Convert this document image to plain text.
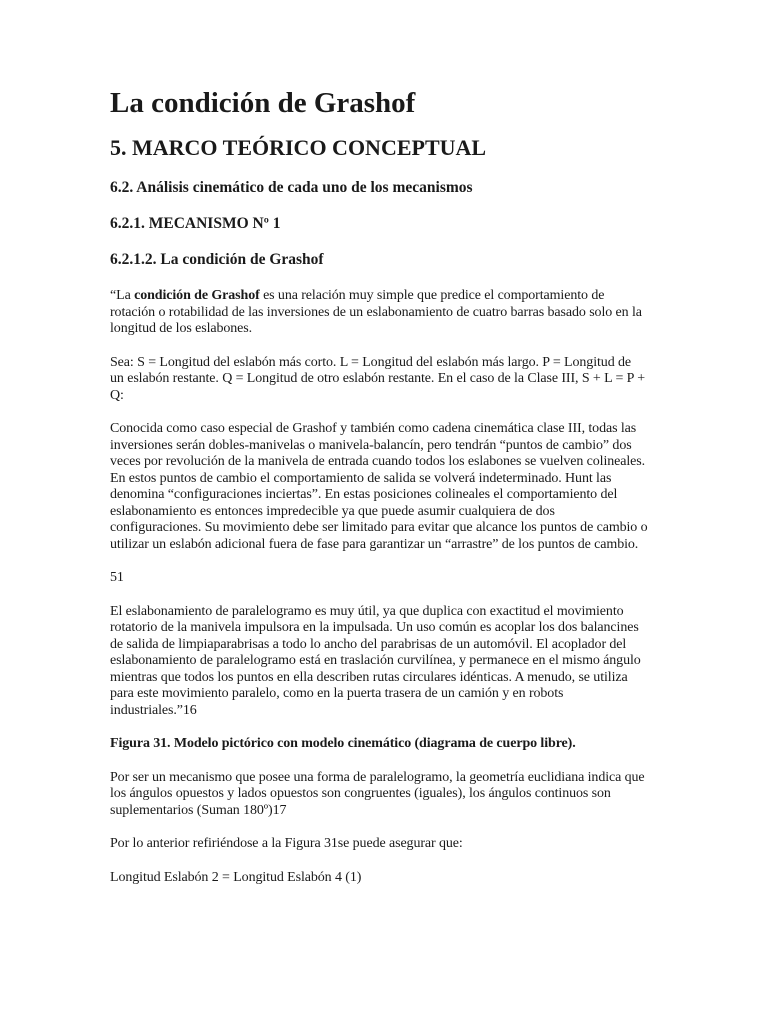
La condición de Grashof
5. MARCO TEÓRICO CONCEPTUAL
6.2. Análisis cinemático de cada uno de los mecanismos
6.2.1. MECANISMO Nº 1
6.2.1.2. La condición de Grashof

“La condición de Grashof es una relación muy simple que predice el comportamiento de rotación o rotabilidad de las inversiones de un eslabonamiento de cuatro barras basado solo en la longitud de los eslabones.

Sea: S = Longitud del eslabón más corto. L = Longitud del eslabón más largo. P = Longitud de un eslabón restante. Q = Longitud de otro eslabón restante. En el caso de la Clase III, S + L = P + Q:

Conocida como caso especial de Grashof y también como cadena cinemática clase III, todas las inversiones serán dobles-manivelas o manivela-balancín, pero tendrán “puntos de cambio” dos veces por revolución de la manivela de entrada cuando todos los eslabones se vuelven colineales. En estos puntos de cambio el comportamiento de salida se volverá indeterminado. Hunt las denomina “configuraciones inciertas”. En estas posiciones colineales el comportamiento del eslabonamiento es entonces impredecible ya que puede asumir cualquiera de dos configuraciones. Su movimiento debe ser limitado para evitar que alcance los puntos de cambio o utilizar un eslabón adicional fuera de fase para garantizar un “arrastre” de los puntos de cambio.

51

El eslabonamiento de paralelogramo es muy útil, ya que duplica con exactitud el movimiento rotatorio de la manivela impulsora en la impulsada. Un uso común es acoplar los dos balancines de salida de limpiaparabrisas a todo lo ancho del parabrisas de un automóvil. El acoplador del eslabonamiento de paralelogramo está en traslación curvilínea, y permanece en el mismo ángulo mientras que todos los puntos en ella describen rutas circulares idénticas. A menudo, se utiliza para este movimiento paralelo, como en la puerta trasera de un camión y en robots industriales.”16

Figura 31. Modelo pictórico con modelo cinemático (diagrama de cuerpo libre).

Por ser un mecanismo que posee una forma de paralelogramo, la geometría euclidiana indica que los ángulos opuestos y lados opuestos son congruentes (iguales), los ángulos continuos son suplementarios (Suman 180º)17

Por lo anterior refiriéndose a la Figura 31se puede asegurar que:

Longitud Eslabón 2 = Longitud Eslabón 4 (1)
